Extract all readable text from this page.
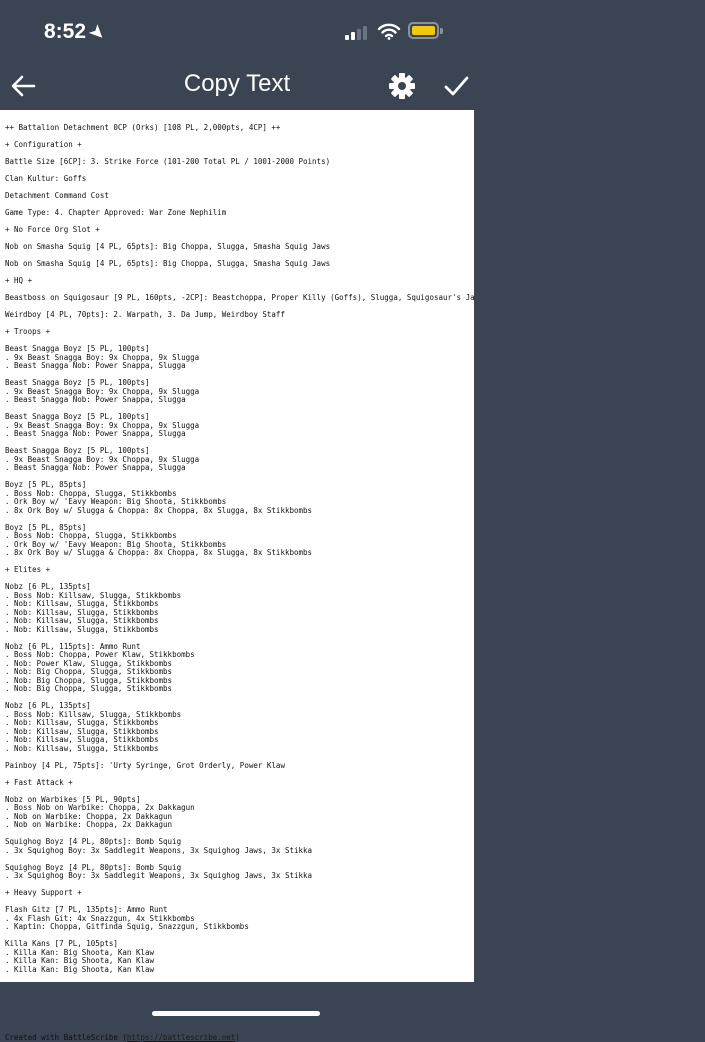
8:52➤
Copy Text
++ Battalion Detachment 0CP (Orks) [108 PL, 2,000pts, 4CP] ++

+ Configuration +

Battle Size [6CP]: 3. Strike Force (101-200 Total PL / 1001-2000 Points)

Clan Kultur: Goffs

Detachment Command Cost

Game Type: 4. Chapter Approved: War Zone Nephilim

+ No Force Org Slot +

Nob on Smasha Squig [4 PL, 65pts]: Big Choppa, Slugga, Smasha Squig Jaws

Nob on Smasha Squig [4 PL, 65pts]: Big Choppa, Slugga, Smasha Squig Jaws

+ HQ +

Beastboss on Squigosaur [9 PL, 160pts, -2CP]: Beastchoppa, Proper Killy (Goffs), Slugga, Squigosaur's Ja

Weirdboy [4 PL, 70pts]: 2. Warpath, 3. Da Jump, Weirdboy Staff

+ Troops +

Beast Snagga Boyz [5 PL, 100pts]
. 9x Beast Snagga Boy: 9x Choppa, 9x Slugga
. Beast Snagga Nob: Power Snappa, Slugga

Beast Snagga Boyz [5 PL, 100pts]
. 9x Beast Snagga Boy: 9x Choppa, 9x Slugga
. Beast Snagga Nob: Power Snappa, Slugga

Beast Snagga Boyz [5 PL, 100pts]
. 9x Beast Snagga Boy: 9x Choppa, 9x Slugga
. Beast Snagga Nob: Power Snappa, Slugga

Beast Snagga Boyz [5 PL, 100pts]
. 9x Beast Snagga Boy: 9x Choppa, 9x Slugga
. Beast Snagga Nob: Power Snappa, Slugga

Boyz [5 PL, 85pts]
. Boss Nob: Choppa, Slugga, Stikkbombs
. Ork Boy w/ 'Eavy Weapon: Big Shoota, Stikkbombs
. 8x Ork Boy w/ Slugga & Choppa: 8x Choppa, 8x Slugga, 8x Stikkbombs

Boyz [5 PL, 85pts]
. Boss Nob: Choppa, Slugga, Stikkbombs
. Ork Boy w/ 'Eavy Weapon: Big Shoota, Stikkbombs
. 8x Ork Boy w/ Slugga & Choppa: 8x Choppa, 8x Slugga, 8x Stikkbombs

+ Elites +

Nobz [6 PL, 135pts]
. Boss Nob: Killsaw, Slugga, Stikkbombs
. Nob: Killsaw, Slugga, Stikkbombs
. Nob: Killsaw, Slugga, Stikkbombs
. Nob: Killsaw, Slugga, Stikkbombs
. Nob: Killsaw, Slugga, Stikkbombs

Nobz [6 PL, 115pts]: Ammo Runt
. Boss Nob: Choppa, Power Klaw, Stikkbombs
. Nob: Power Klaw, Slugga, Stikkbombs
. Nob: Big Choppa, Slugga, Stikkbombs
. Nob: Big Choppa, Slugga, Stikkbombs
. Nob: Big Choppa, Slugga, Stikkbombs

Nobz [6 PL, 135pts]
. Boss Nob: Killsaw, Slugga, Stikkbombs
. Nob: Killsaw, Slugga, Stikkbombs
. Nob: Killsaw, Slugga, Stikkbombs
. Nob: Killsaw, Slugga, Stikkbombs
. Nob: Killsaw, Slugga, Stikkbombs

Painboy [4 PL, 75pts]: 'Urty Syringe, Grot Orderly, Power Klaw

+ Fast Attack +

Nobz on Warbikes [5 PL, 90pts]
. Boss Nob on Warbike: Choppa, 2x Dakkagun
. Nob on Warbike: Choppa, 2x Dakkagun
. Nob on Warbike: Choppa, 2x Dakkagun

Squighog Boyz [4 PL, 80pts]: Bomb Squig
. 3x Squighog Boy: 3x Saddlegit Weapons, 3x Squighog Jaws, 3x Stikka

Squighog Boyz [4 PL, 80pts]: Bomb Squig
. 3x Squighog Boy: 3x Saddlegit Weapons, 3x Squighog Jaws, 3x Stikka

+ Heavy Support +

Flash Gitz [7 PL, 135pts]: Ammo Runt
. 4x Flash Git: 4x Snazzgun, 4x Stikkbombs
. Kaptin: Choppa, Gitfinda Squig, Snazzgun, Stikkbombs

Killa Kans [7 PL, 105pts]
. Killa Kan: Big Shoota, Kan Klaw
. Killa Kan: Big Shoota, Kan Klaw
. Killa Kan: Big Shoota, Kan Klaw

Created with BattleScribe (https://battlescribe.net)
